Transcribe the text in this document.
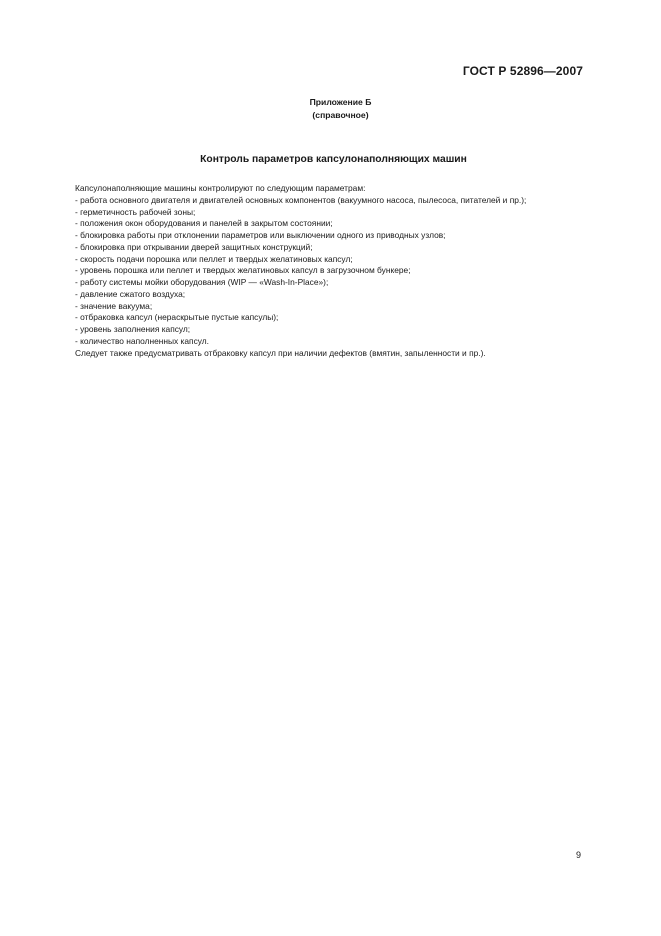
ГОСТ Р 52896—2007
Приложение Б
(справочное)
Контроль параметров капсулонаполняющих машин

Капсулонаполняющие машины контролируют по следующим параметрам:

- работа основного двигателя и двигателей основных компонентов (вакуумного насоса, пылесоса, питателей и пр.);

- герметичность рабочей зоны;

- положения окон оборудования и панелей в закрытом состоянии;

- блокировка работы при отклонении параметров или выключении одного из приводных узлов;

- блокировка при открывании дверей защитных конструкций;

- скорость подачи порошка или пеллет и твердых желатиновых капсул;

- уровень порошка или пеллет и твердых желатиновых капсул в загрузочном бункере;

- работу системы мойки оборудования (WIP — «Wash-In-Place»);

- давление сжатого воздуха;

- значение вакуума;

- отбраковка капсул (нераскрытые пустые капсулы);

- уровень заполнения капсул;

- количество наполненных капсул.

Следует также предусматривать отбраковку капсул при наличии дефектов (вмятин, запыленности и пр.).

9
